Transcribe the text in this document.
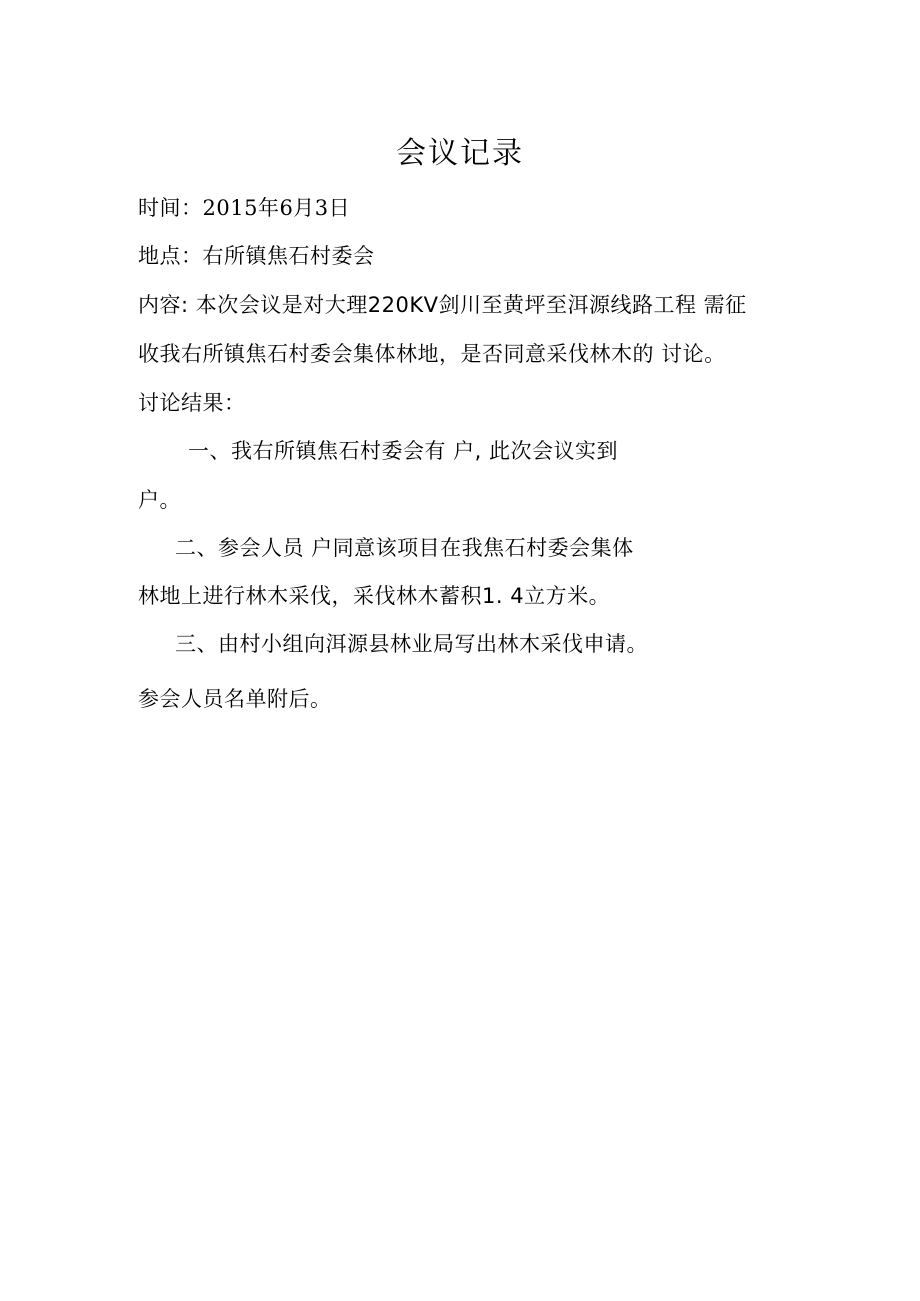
会议记录
时间：2015年6月3日
地点：右所镇焦石村委会
内容: 本次会议是对大理220KV剑川至黄坪至洱源线路工程 需征
收我右所镇焦石村委会集体林地，是否同意采伐林木的 讨论。
讨论结果：
一、我右所镇焦石村委会有 户, 此次会议实到
户。
二、参会人员 户同意该项目在我焦石村委会集体
林地上进行林木采伐，采伐林木蓄积1. 4立方米。
三、由村小组向洱源县林业局写出林木采伐申请。
参会人员名单附后。
